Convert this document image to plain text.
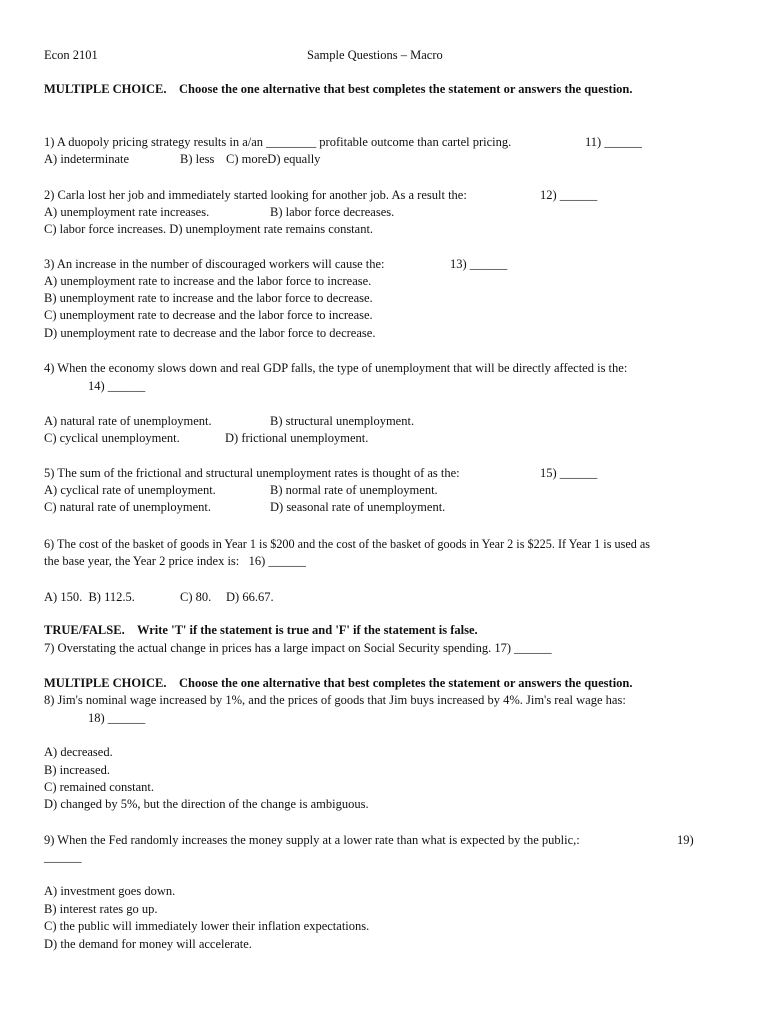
Econ 2101	Sample Questions – Macro
MULTIPLE CHOICE.    Choose the one alternative that best completes the statement or answers the question.
1) A duopoly pricing strategy results in a/an ________ profitable outcome than cartel pricing.	11) ______
A) indeterminate	B) less C) moreD) equally
2) Carla lost her job and immediately started looking for another job. As a result the:	12) ______
A) unemployment rate increases.	B) labor force decreases.
C) labor force increases. D) unemployment rate remains constant.
3) An increase in the number of discouraged workers will cause the:	13) ______
A) unemployment rate to increase and the labor force to increase.
B) unemployment rate to increase and the labor force to decrease.
C) unemployment rate to decrease and the labor force to increase.
D) unemployment rate to decrease and the labor force to decrease.
4) When the economy slows down and real GDP falls, the type of unemployment that will be directly affected is the:
14) ______
A) natural rate of unemployment.	B) structural unemployment.
C) cyclical unemployment.	D) frictional unemployment.
5) The sum of the frictional and structural unemployment rates is thought of as the:	15) ______
A) cyclical rate of unemployment.	B) normal rate of unemployment.
C) natural rate of unemployment.	D) seasonal rate of unemployment.
6) The cost of the basket of goods in Year 1 is $200 and the cost of the basket of goods in Year 2 is $225. If Year 1 is used as
the base year, the Year 2 price index is:   16) ______
A) 150.  B) 112.5.	C) 80. D) 66.67.
TRUE/FALSE.    Write 'T' if the statement is true and 'F' if the statement is false.
7) Overstating the actual change in prices has a large impact on Social Security spending. 17) ______
MULTIPLE CHOICE.    Choose the one alternative that best completes the statement or answers the question.
8) Jim's nominal wage increased by 1%, and the prices of goods that Jim buys increased by 4%. Jim's real wage has:
18) ______
A) decreased.
B) increased.
C) remained constant.
D) changed by 5%, but the direction of the change is ambiguous.
9) When the Fed randomly increases the money supply at a lower rate than what is expected by the public,:	19)
______
A) investment goes down.
B) interest rates go up.
C) the public will immediately lower their inflation expectations.
D) the demand for money will accelerate.
